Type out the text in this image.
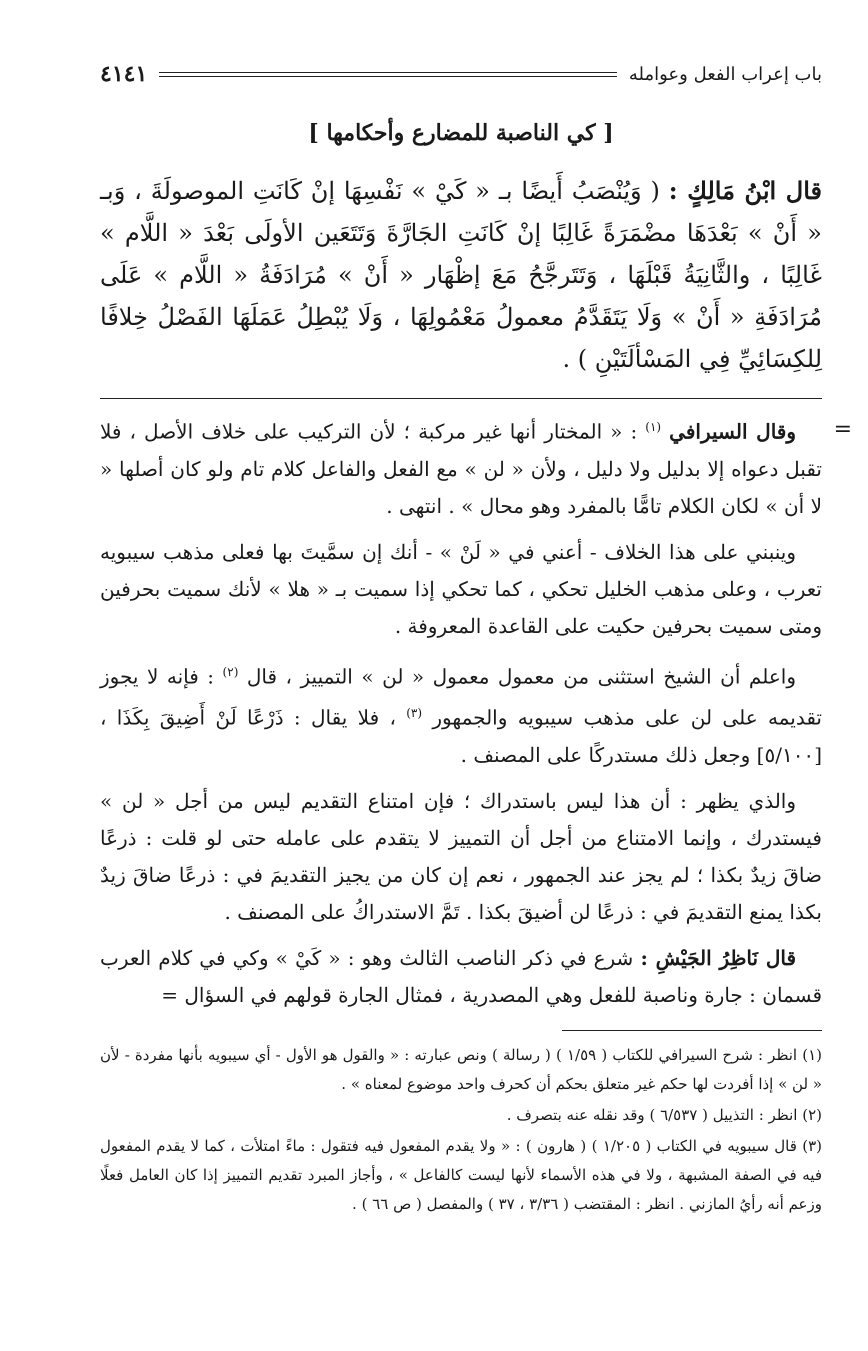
باب إعراب الفعل وعوامله
٤١٤١
[ كي الناصبة للمضارع وأحكامها ]
قال ابْنُ مَالِكٍ : ( وَيُنْصَبُ أَيضًا بـ « كَيْ » نَفْسِهَا إنْ كَانَتِ الموصولَةَ ، وَبـ « أَنْ » بَعْدَهَا مضْمَرَةً غَالِبًا إنْ كَانَتِ الجَارَّةَ وَتَتَعَين الأولَى بَعْدَ « اللَّام » غَالِبًا ، والثَّانِيَةُ قَبْلَهَا ، وَتَتَرجَّحُ مَعَ إظْهَار « أَنْ » مُرَادَفَةُ « اللَّام » عَلَى مُرَادَفَةِ « أَنْ » وَلَا يَتَقَدَّمُ معمولُ مَعْمُولِهَا ، وَلَا يُبْطِلُ عَمَلَهَا الفَصْلُ خِلافًا لِلكِسَائِيِّ فِي المَسْألَتَيْنِ ) .
=

وقال السيرافي $^{(١)}$ : « المختار أنها غير مركبة ؛ لأن التركيب على خلاف الأصل ، فلا تقبل دعواه إلا بدليل ولا دليل ، ولأن « لن » مع الفعل والفاعل كلام تام ولو كان أصلها « لا أن » لكان الكلام تامًّا بالمفرد وهو محال » . انتهى .

وينبني على هذا الخلاف - أعني في « لَنْ » - أنك إن سمَّيتَ بها فعلى مذهب سيبويه تعرب ، وعلى مذهب الخليل تحكي ، كما تحكي إذا سميت بـ « هلا » لأنك سميت بحرفين ومتى سميت بحرفين حكيت على القاعدة المعروفة .

واعلم أن الشيخ استثنى من معمول معمول « لن » التمييز ، قال $^{(٢)}$ : فإنه لا يجوز تقديمه على لن على مذهب سيبويه والجمهور $^{(٣)}$ ، فلا يقال : ذَرْعًا لَنْ أَضِيقَ بِكَذَا ، [٥/١٠٠] وجعل ذلك مستدركًا على المصنف .

والذي يظهر : أن هذا ليس باستدراك ؛ فإن امتناع التقديم ليس من أجل « لن » فيستدرك ، وإنما الامتناع من أجل أن التمييز لا يتقدم على عامله حتى لو قلت : ذرعًا ضاقَ زيدٌ بكذا ؛ لم يجز عند الجمهور ، نعم إن كان من يجيز التقديمَ في : ذرعًا ضاقَ زيدٌ بكذا يمنع التقديمَ في : ذرعًا لن أضيقَ بكذا . تَمَّ الاستدراكُ على المصنف .

قال نَاظِرُ الجَيْشِ : شرع في ذكر الناصب الثالث وهو : « كَيْ » وكي في كلام العرب قسمان : جارة وناصبة للفعل وهي المصدرية ، فمثال الجارة قولهم في السؤال =

(١) انظر : شرح السيرافي للكتاب ( ١/٥٩ ) ( رسالة ) ونص عبارته : « والقول هو الأول - أي سيبويه بأنها مفردة - لأن « لن » إذا أفردت لها حكم غير متعلق بحكم أن كحرف واحد موضوع لمعناه » .

(٢) انظر : التذييل ( ٦/٥٣٧ ) وقد نقله عنه بتصرف .

(٣) قال سيبويه في الكتاب ( ١/٢٠٥ ) ( هارون ) : « ولا يقدم المفعول فيه فتقول : ماءً امتلأت ، كما لا يقدم المفعول فيه في الصفة المشبهة ، ولا في هذه الأسماء لأنها ليست كالفاعل » ، وأجاز المبرد تقديم التمييز إذا كان العامل فعلًا وزعم أنه رأيُ المازني . انظر : المقتضب ( ٣/٣٦ ، ٣٧ ) والمفصل ( ص ٦٦ ) .
